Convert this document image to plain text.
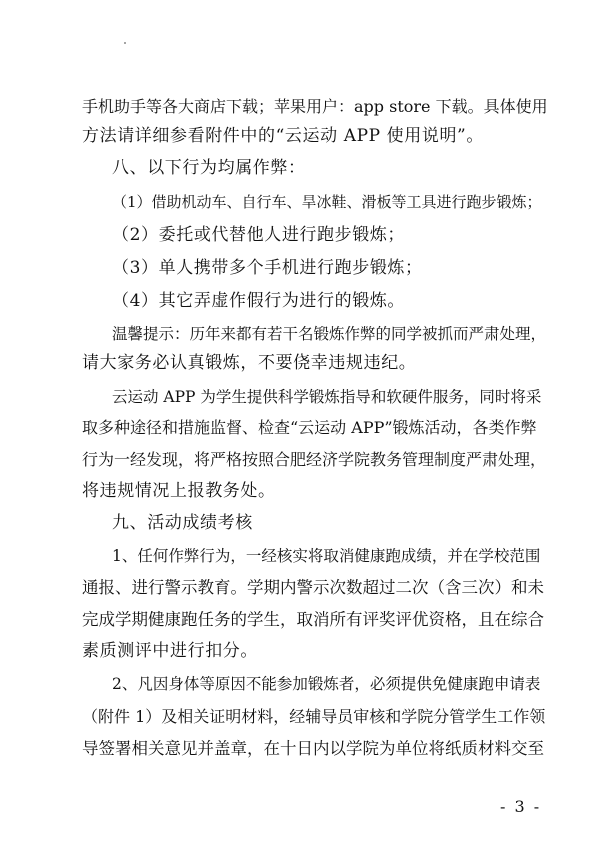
手机助手等各大商店下载；苹果用户：app store 下载。具体使用
方法请详细参看附件中的“云运动 APP 使用说明”。
八、以下行为均属作弊：
（1）借助机动车、自行车、旱冰鞋、滑板等工具进行跑步锻炼；
（2）委托或代替他人进行跑步锻炼；
（3）单人携带多个手机进行跑步锻炼；
（4）其它弄虚作假行为进行的锻炼。
温馨提示：历年来都有若干名锻炼作弊的同学被抓而严肃处理，
请大家务必认真锻炼，不要侥幸违规违纪。
云运动 APP 为学生提供科学锻炼指导和软硬件服务，同时将采
取多种途径和措施监督、检查“云运动 APP”锻炼活动，各类作弊
行为一经发现，将严格按照合肥经济学院教务管理制度严肃处理，
将违规情况上报教务处。
九、活动成绩考核
1、任何作弊行为，一经核实将取消健康跑成绩，并在学校范围
通报、进行警示教育。学期内警示次数超过二次（含三次）和未
完成学期健康跑任务的学生，取消所有评奖评优资格，且在综合
素质测评中进行扣分。
2、凡因身体等原因不能参加锻炼者，必须提供免健康跑申请表
（附件 1）及相关证明材料，经辅导员审核和学院分管学生工作领
导签署相关意见并盖章，在十日内以学院为单位将纸质材料交至
- 3 -
